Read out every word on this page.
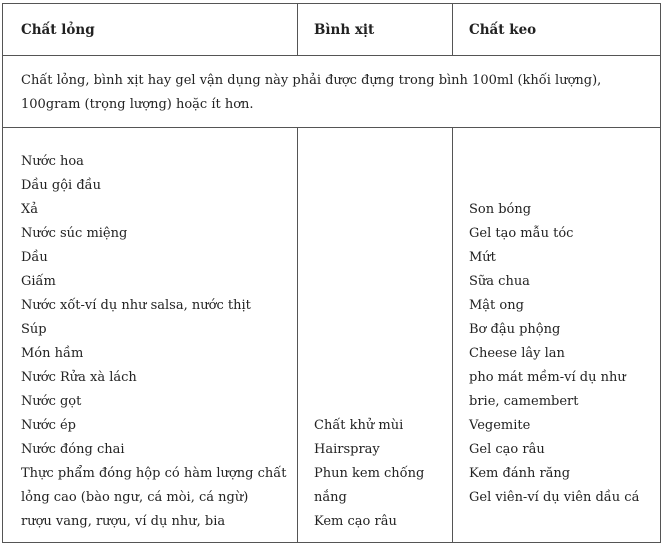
Chất lỏng	Bình xịt	Chất keo
Chất lỏng, bình xịt hay gel vận dụng này phải được đựng trong bình 100ml (khối lượng), 100gram (trọng lượng) hoặc ít hơn.
Nước hoa
Dầu gội đầu
Xả
Nước súc miệng
Dầu
Giấm
Nước xốt-ví dụ như salsa, nước thịt
Súp
Món hầm
Nước Rửa xà lách
Nước gọt
Nước ép
Nước đóng chai
Thực phẩm đóng hộp có hàm lượng chất
lỏng cao (bào ngư, cá mòi, cá ngừ)
rượu vang, rượu, ví dụ như, bia
Chất khử mùi
Hairspray
Phun kem chống
nắng
Kem cạo râu
Son bóng
Gel tạo mẫu tóc
Mứt
Sữa chua
Mật ong
Bơ đậu phộng
Cheese lây lan
pho mát mềm-ví dụ như
brie, camembert
Vegemite
Gel cạo râu
Kem đánh răng
Gel viên-ví dụ viên dầu cá
